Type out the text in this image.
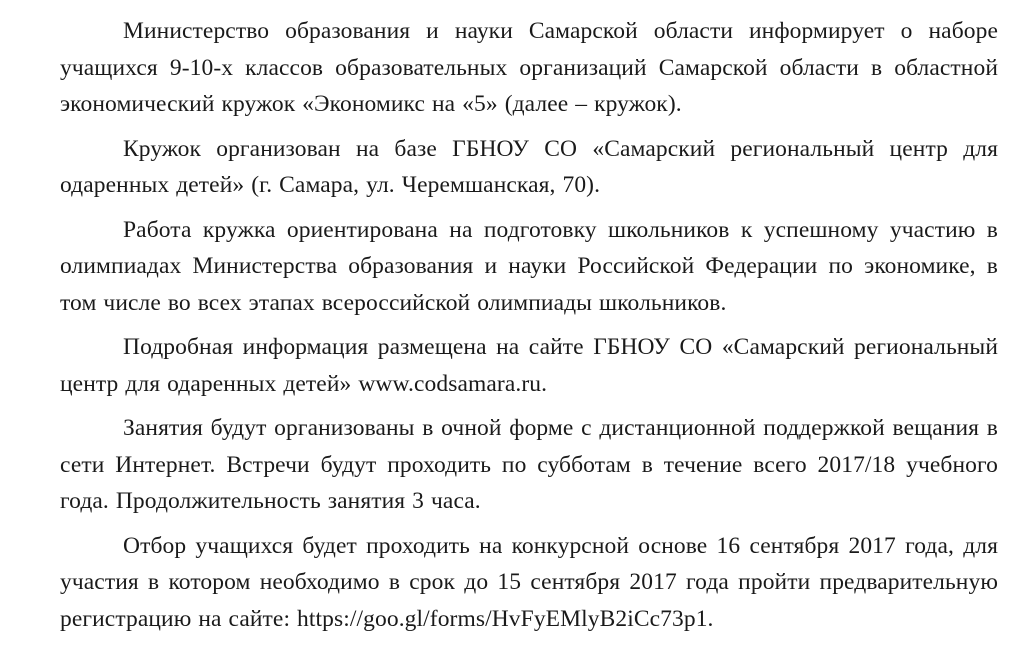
Министерство образования и науки Самарской области информирует о наборе учащихся 9-10-х классов образовательных организаций Самарской области в областной экономический кружок «Экономикс на «5» (далее – кружок).

Кружок организован на базе ГБНОУ СО «Самарский региональный центр для одаренных детей» (г. Самара, ул. Черемшанская, 70).

Работа кружка ориентирована на подготовку школьников к успешному участию в олимпиадах Министерства образования и науки Российской Федерации по экономике, в том числе во всех этапах всероссийской олимпиады школьников.

Подробная информация размещена на сайте ГБНОУ СО «Самарский региональный центр для одаренных детей» www.codsamara.ru.

Занятия будут организованы в очной форме с дистанционной поддержкой вещания в сети Интернет. Встречи будут проходить по субботам в течение всего 2017/18 учебного года. Продолжительность занятия 3 часа.

Отбор учащихся будет проходить на конкурсной основе 16 сентября 2017 года, для участия в котором необходимо в срок до 15 сентября 2017 года пройти предварительную регистрацию на сайте: https://goo.gl/forms/HvFyEMlyB2iCc73p1.
